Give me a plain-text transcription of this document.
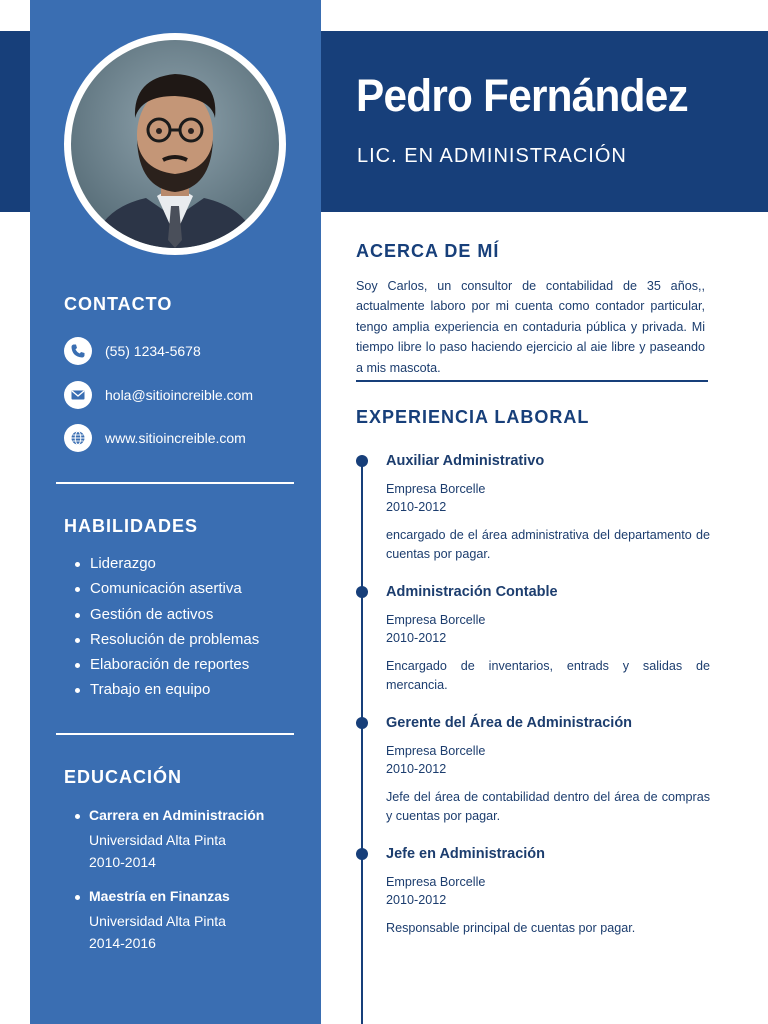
Pedro Fernández
LIC. EN ADMINISTRACIÓN
CONTACTO
(55) 1234-5678
hola@sitioincreible.com
www.sitioincreible.com
HABILIDADES
Liderazgo
Comunicación asertiva
Gestión de activos
Resolución de problemas
Elaboración de reportes
Trabajo en equipo
EDUCACIÓN
Carrera en Administración
Universidad Alta Pinta
2010-2014
Maestría en Finanzas
Universidad Alta Pinta
2014-2016
ACERCA DE MÍ
Soy Carlos, un consultor de contabilidad de 35 años,, actualmente laboro por mi cuenta como contador particular, tengo amplia experiencia en contaduria pública y privada. Mi tiempo libre lo paso haciendo ejercicio al aie libre y paseando a mis mascota.
EXPERIENCIA LABORAL
Auxiliar Administrativo
Empresa Borcelle
2010-2012
encargado de el área administrativa del departamento de cuentas por pagar.
Administración Contable
Empresa Borcelle
2010-2012
Encargado de inventarios, entrads y salidas de mercancia.
Gerente del Área de Administración
Empresa Borcelle
2010-2012
Jefe del área de contabilidad dentro del área de compras y cuentas por pagar.
Jefe en Administración
Empresa Borcelle
2010-2012
Responsable principal de cuentas por pagar.
